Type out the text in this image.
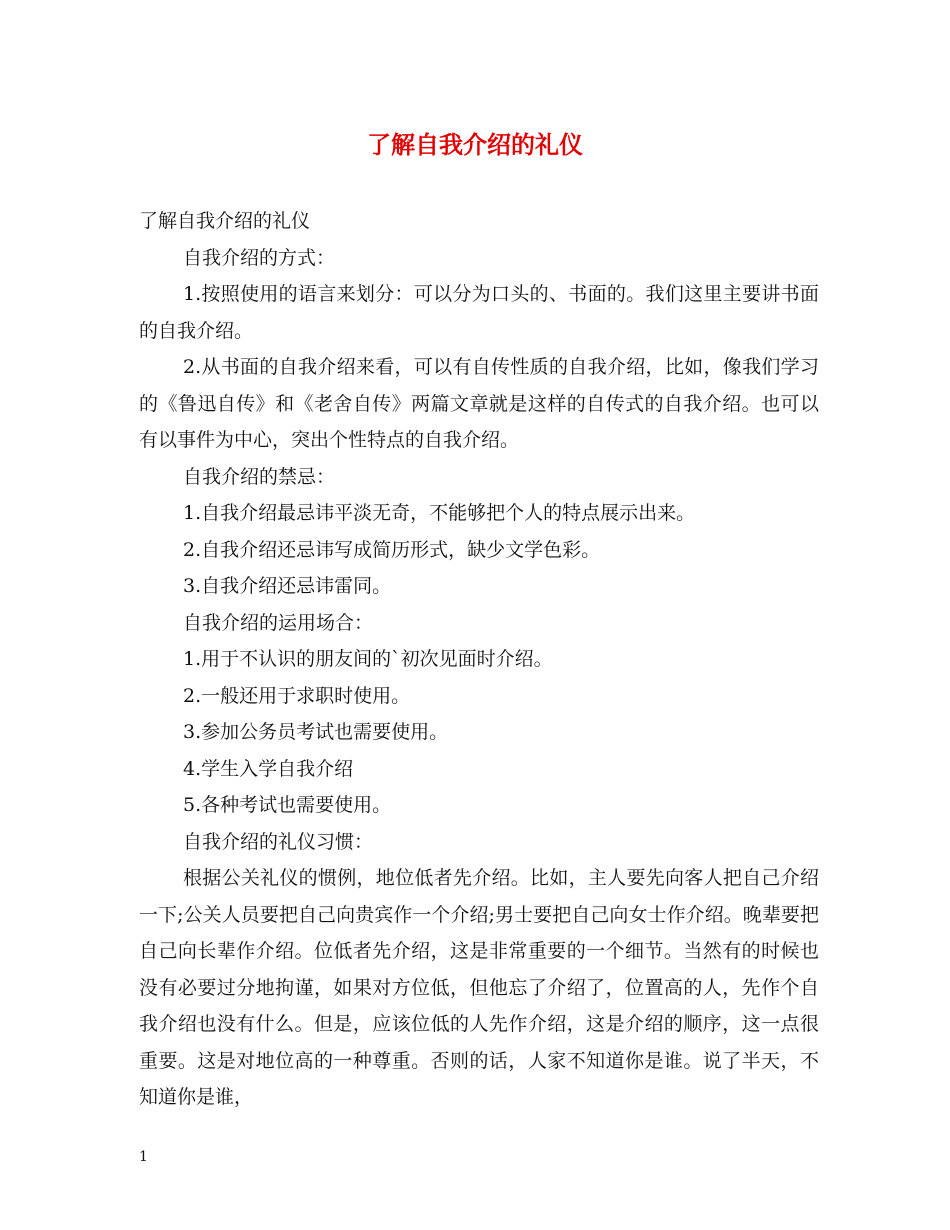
了解自我介绍的礼仪

了解自我介绍的礼仪

自我介绍的方式：

1.按照使用的语言来划分：可以分为口头的、书面的。我们这里主要讲书面的自我介绍。

2.从书面的自我介绍来看，可以有自传性质的自我介绍，比如，像我们学习的《鲁迅自传》和《老舍自传》两篇文章就是这样的自传式的自我介绍。也可以有以事件为中心，突出个性特点的自我介绍。

自我介绍的禁忌：

1.自我介绍最忌讳平淡无奇，不能够把个人的特点展示出来。

2.自我介绍还忌讳写成简历形式，缺少文学色彩。

3.自我介绍还忌讳雷同。

自我介绍的运用场合：

1.用于不认识的朋友间的`初次见面时介绍。

2.一般还用于求职时使用。

3.参加公务员考试也需要使用。

4.学生入学自我介绍

5.各种考试也需要使用。

自我介绍的礼仪习惯：

根据公关礼仪的惯例，地位低者先介绍。比如，主人要先向客人把自己介绍一下;公关人员要把自己向贵宾作一个介绍;男士要把自己向女士作介绍。晚辈要把自己向长辈作介绍。位低者先介绍，这是非常重要的一个细节。当然有的时候也没有必要过分地拘谨，如果对方位低，但他忘了介绍了，位置高的人，先作个自我介绍也没有什么。但是，应该位低的人先作介绍，这是介绍的顺序，这一点很重要。这是对地位高的一种尊重。否则的话，人家不知道你是谁。说了半天，不知道你是谁，

1
